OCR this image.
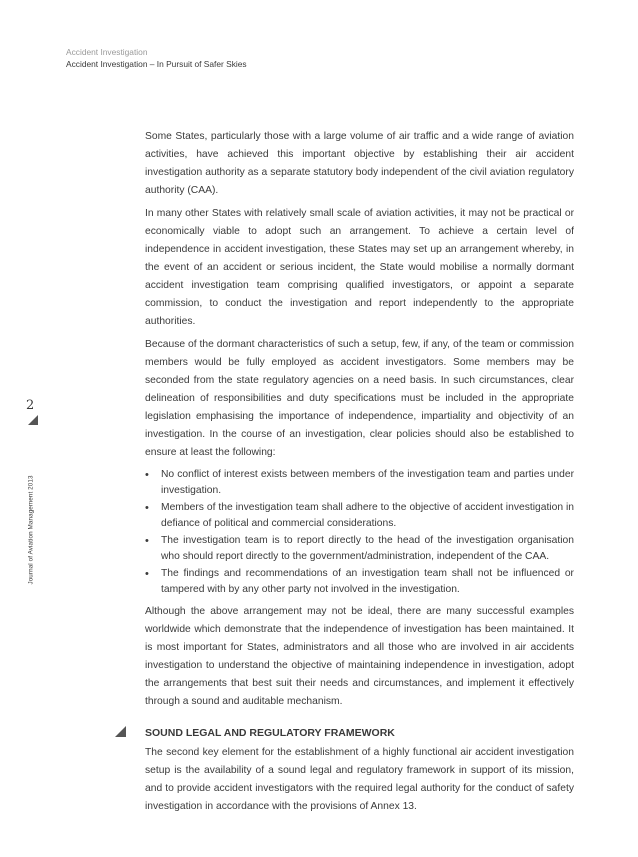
Accident Investigation
Accident Investigation – In Pursuit of Safer Skies
2
Journal of Aviation Management 2013

Some States, particularly those with a large volume of air traffic and a wide range of aviation activities, have achieved this important objective by establishing their air accident investigation authority as a separate statutory body independent of the civil aviation regulatory authority (CAA).

In many other States with relatively small scale of aviation activities, it may not be practical or economically viable to adopt such an arrangement. To achieve a certain level of independence in accident investigation, these States may set up an arrangement whereby, in the event of an accident or serious incident, the State would mobilise a normally dormant accident investigation team comprising qualified investigators, or appoint a separate commission, to conduct the investigation and report independently to the appropriate authorities.

Because of the dormant characteristics of such a setup, few, if any, of the team or commission members would be fully employed as accident investigators. Some members may be seconded from the state regulatory agencies on a need basis. In such circumstances, clear delineation of responsibilities and duty specifications must be included in the appropriate legislation emphasising the importance of independence, impartiality and objectivity of an investigation. In the course of an investigation, clear policies should also be established to ensure at least the following:

• No conflict of interest exists between members of the investigation team and parties under investigation.
• Members of the investigation team shall adhere to the objective of accident investigation in defiance of political and commercial considerations.
• The investigation team is to report directly to the head of the investigation organisation who should report directly to the government/administration, independent of the CAA.
• The findings and recommendations of an investigation team shall not be influenced or tampered with by any other party not involved in the investigation.

Although the above arrangement may not be ideal, there are many successful examples worldwide which demonstrate that the independence of investigation has been maintained. It is most important for States, administrators and all those who are involved in air accidents investigation to understand the objective of maintaining independence in investigation, adopt the arrangements that best suit their needs and circumstances, and implement it effectively through a sound and auditable mechanism.

SOUND LEGAL AND REGULATORY FRAMEWORK

The second key element for the establishment of a highly functional air accident investigation setup is the availability of a sound legal and regulatory framework in support of its mission, and to provide accident investigators with the required legal authority for the conduct of safety investigation in accordance with the provisions of Annex 13.
